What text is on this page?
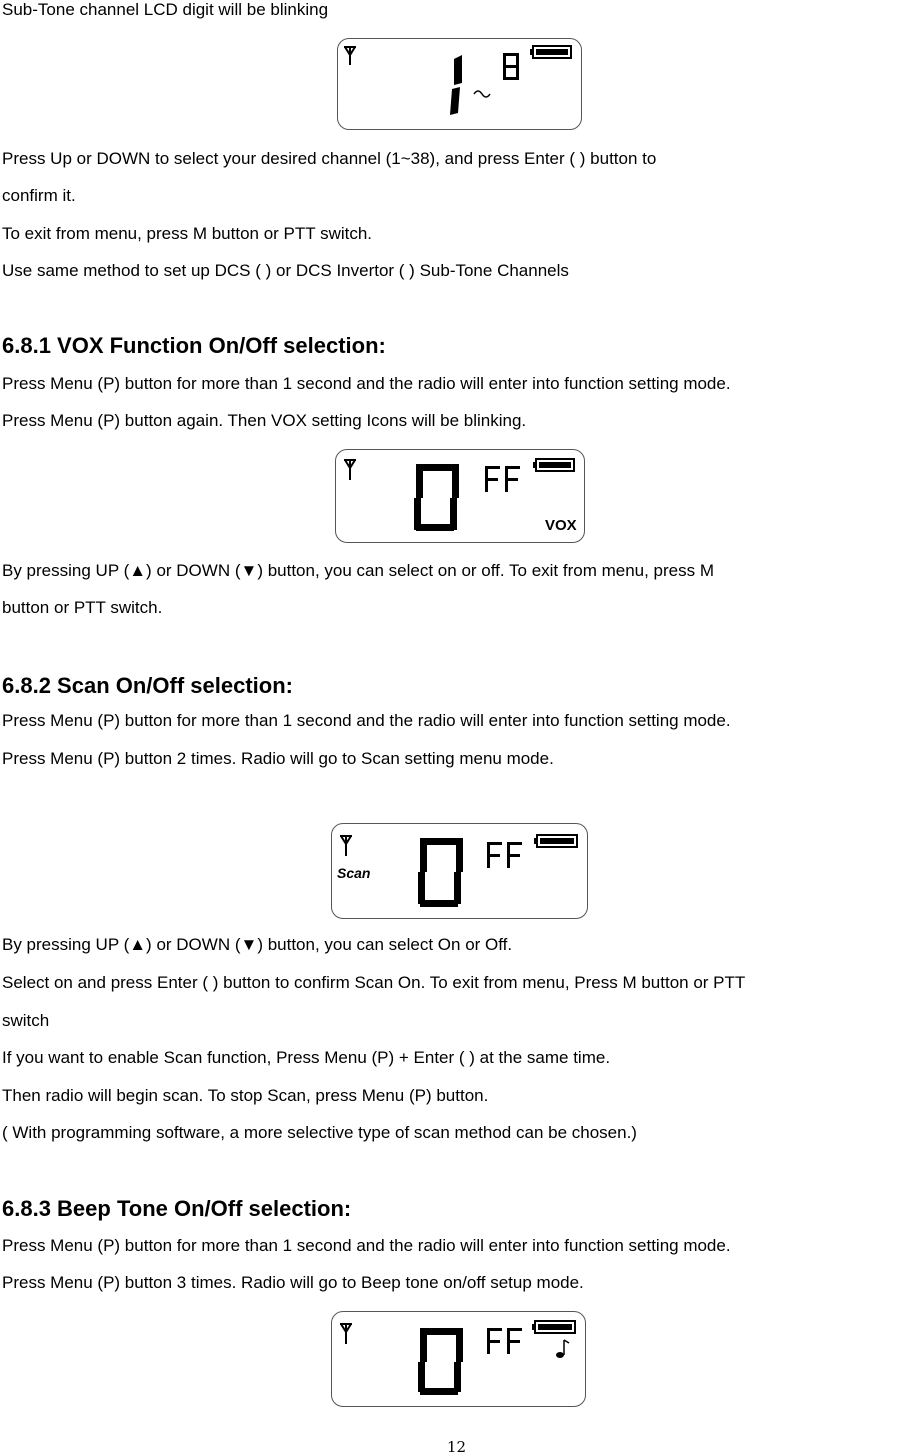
Sub-Tone channel LCD digit will be blinking
Press Up or DOWN to select your desired channel (1~38), and press Enter ( ) button to
confirm it.
To exit from menu, press M button or PTT switch.
Use same method to set up DCS ( ) or DCS Invertor ( ) Sub-Tone Channels
6.8.1 VOX Function On/Off selection:
Press Menu (P) button for more than 1 second and the radio will enter into function setting mode.
Press Menu (P) button again. Then VOX setting Icons will be blinking.
VOX
By pressing UP (▲) or DOWN (▼) button, you can select on or off. To exit from menu, press M
button or PTT switch.
6.8.2 Scan On/Off selection:
Press Menu (P) button for more than 1 second and the radio will enter into function setting mode.
Press Menu (P) button 2 times. Radio will go to Scan setting menu mode.
Scan
By pressing UP (▲) or DOWN (▼) button, you can select On or Off.
Select on and press Enter ( ) button to confirm Scan On. To exit from menu, Press M button or PTT
switch
If you want to enable Scan function, Press Menu (P) + Enter ( ) at the same time.
Then radio will begin scan. To stop Scan, press Menu (P) button.
( With programming software, a more selective type of scan method can be chosen.)
6.8.3 Beep Tone On/Off selection:
Press Menu (P) button for more than 1 second and the radio will enter into function setting mode.
Press Menu (P) button 3 times. Radio will go to Beep tone on/off setup mode.
12
